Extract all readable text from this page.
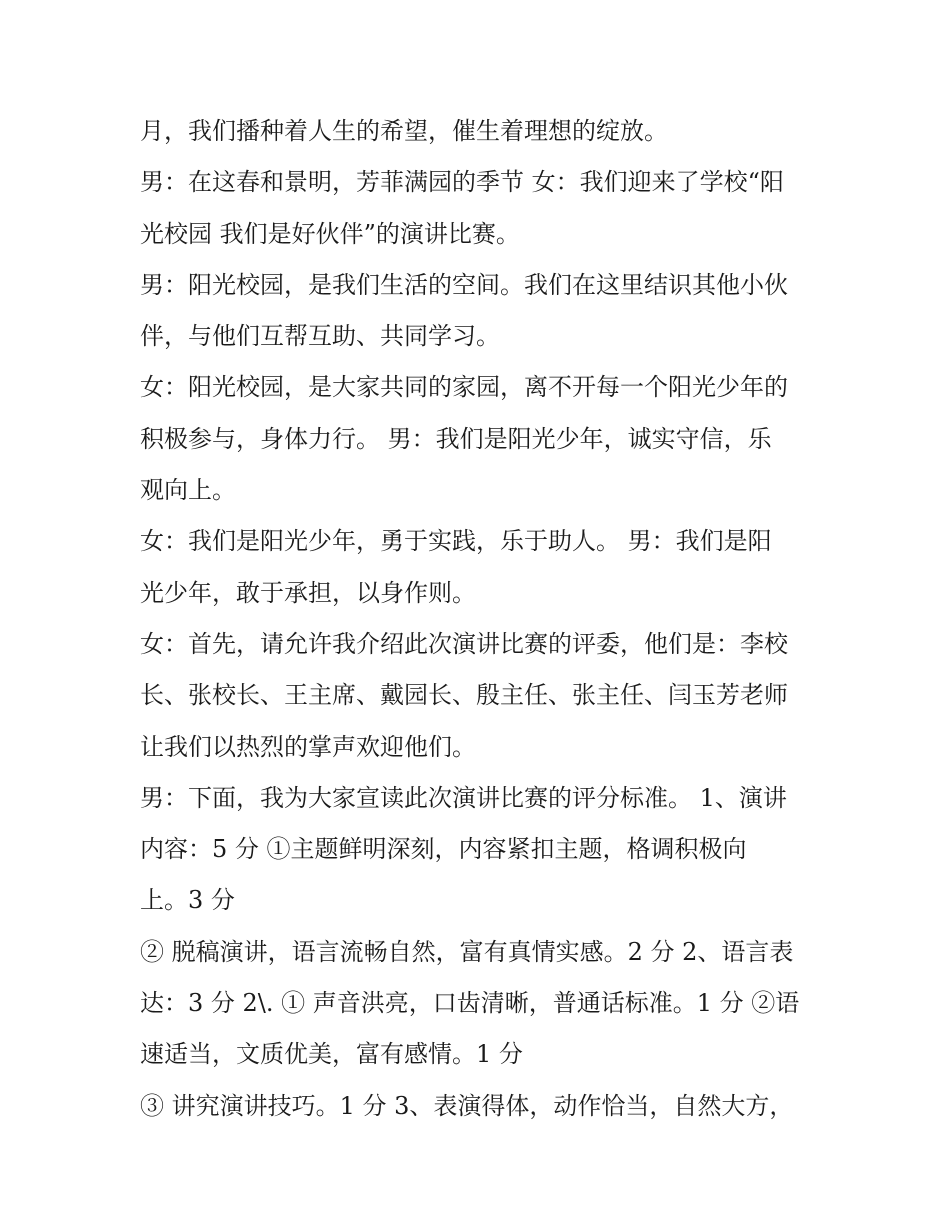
月，我们播种着人生的希望，催生着理想的绽放。
男：在这春和景明，芳菲满园的季节 女：我们迎来了学校“阳
光校园 我们是好伙伴”的演讲比赛。
男：阳光校园，是我们生活的空间。我们在这里结识其他小伙
伴，与他们互帮互助、共同学习。
女：阳光校园，是大家共同的家园，离不开每一个阳光少年的
积极参与，身体力行。 男：我们是阳光少年，诚实守信，乐
观向上。
女：我们是阳光少年，勇于实践，乐于助人。 男：我们是阳
光少年，敢于承担，以身作则。
女：首先，请允许我介绍此次演讲比赛的评委，他们是：李校
长、张校长、王主席、戴园长、殷主任、张主任、闫玉芳老师
让我们以热烈的掌声欢迎他们。
男：下面，我为大家宣读此次演讲比赛的评分标准。 1、演讲
内容：5 分 ①主题鲜明深刻，内容紧扣主题，格调积极向
上。3 分
② 脱稿演讲，语言流畅自然，富有真情实感。2 分 2、语言表
达：3 分 2\. ① 声音洪亮，口齿清晰，普通话标准。1 分 ②语
速适当，文质优美，富有感情。1 分
③ 讲究演讲技巧。1 分 3、表演得体，动作恰当，自然大方，
